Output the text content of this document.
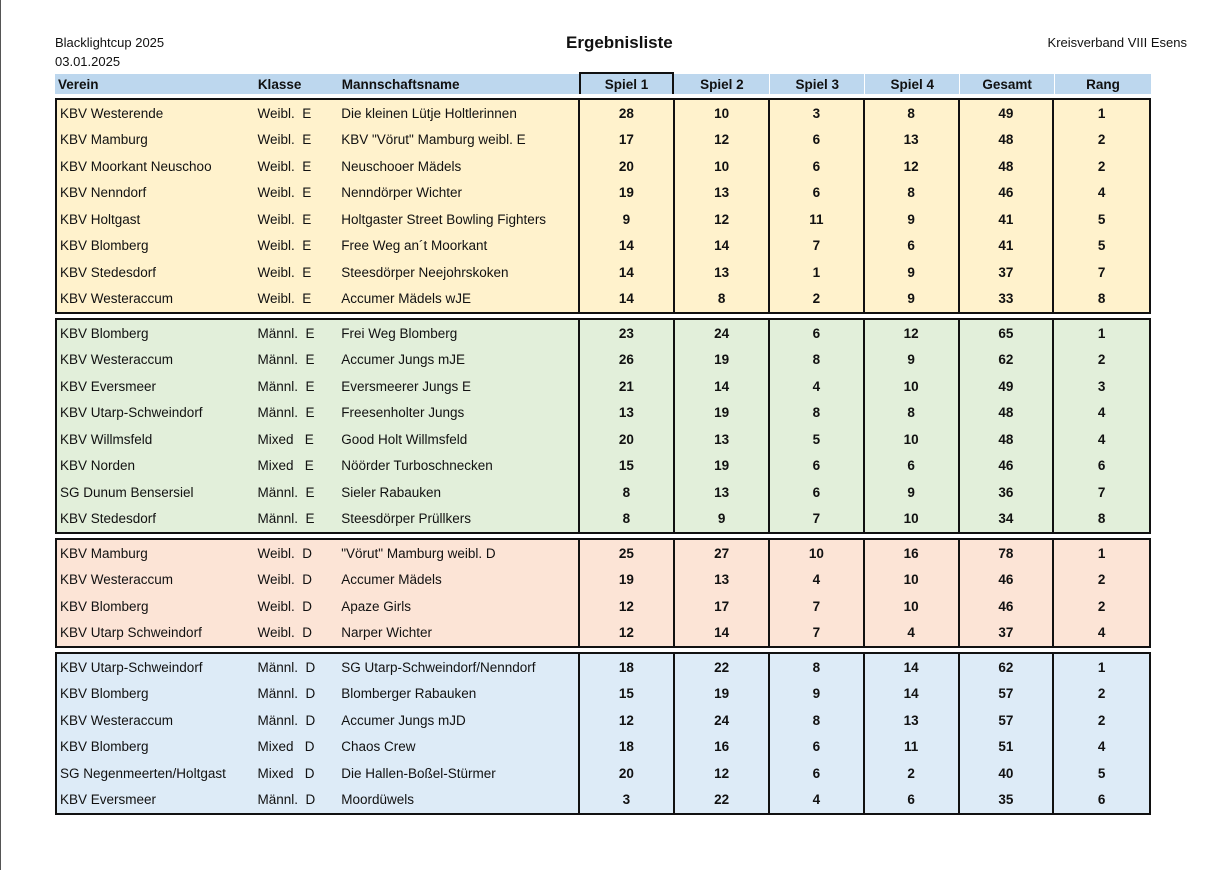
Blacklightcup 2025
03.01.2025
Ergebnisliste	Kreisverband VIII Esens
Verein	Klasse	Mannschaftsname	Spiel 1	Spiel 2	Spiel 3	Spiel 4	Gesamt	Rang
KBV Westerende	Weibl.  E	Die kleinen Lütje Holtlerinnen	28	10	3	8	49	1
KBV Mamburg	Weibl.  E	KBV "Vörut" Mamburg weibl. E	17	12	6	13	48	2
KBV Moorkant Neuschoo	Weibl.  E	Neuschooer Mädels	20	10	6	12	48	2
KBV Nenndorf	Weibl.  E	Nenndörper Wichter	19	13	6	8	46	4
KBV Holtgast	Weibl.  E	Holtgaster Street Bowling Fighters	9	12	11	9	41	5
KBV Blomberg	Weibl.  E	Free Weg an´t Moorkant	14	14	7	6	41	5
KBV Stedesdorf	Weibl.  E	Steesdörper Neejohrskoken	14	13	1	9	37	7
KBV Westeraccum	Weibl.  E	Accumer Mädels wJE	14	8	2	9	33	8
KBV Blomberg	Männl.  E	Frei Weg Blomberg	23	24	6	12	65	1
KBV Westeraccum	Männl.  E	Accumer Jungs mJE	26	19	8	9	62	2
KBV Eversmeer	Männl.  E	Eversmeerer Jungs E	21	14	4	10	49	3
KBV Utarp-Schweindorf	Männl.  E	Freesenholter Jungs	13	19	8	8	48	4
KBV Willmsfeld	Mixed   E	Good Holt Willmsfeld	20	13	5	10	48	4
KBV Norden	Mixed   E	Nöörder Turboschnecken	15	19	6	6	46	6
SG Dunum Bensersiel	Männl.  E	Sieler Rabauken	8	13	6	9	36	7
KBV Stedesdorf	Männl.  E	Steesdörper Prüllkers	8	9	7	10	34	8
KBV Mamburg	Weibl.  D	"Vörut" Mamburg weibl. D	25	27	10	16	78	1
KBV Westeraccum	Weibl.  D	Accumer Mädels	19	13	4	10	46	2
KBV Blomberg	Weibl.  D	Apaze Girls	12	17	7	10	46	2
KBV Utarp Schweindorf	Weibl.  D	Narper Wichter	12	14	7	4	37	4
KBV Utarp-Schweindorf	Männl.  D	SG Utarp-Schweindorf/Nenndorf	18	22	8	14	62	1
KBV Blomberg	Männl.  D	Blomberger Rabauken	15	19	9	14	57	2
KBV Westeraccum	Männl.  D	Accumer Jungs mJD	12	24	8	13	57	2
KBV Blomberg	Mixed   D	Chaos Crew	18	16	6	11	51	4
SG Negenmeerten/Holtgast	Mixed   D	Die Hallen-Boßel-Stürmer	20	12	6	2	40	5
KBV Eversmeer	Männl.  D	Moordüwels	3	22	4	6	35	6
